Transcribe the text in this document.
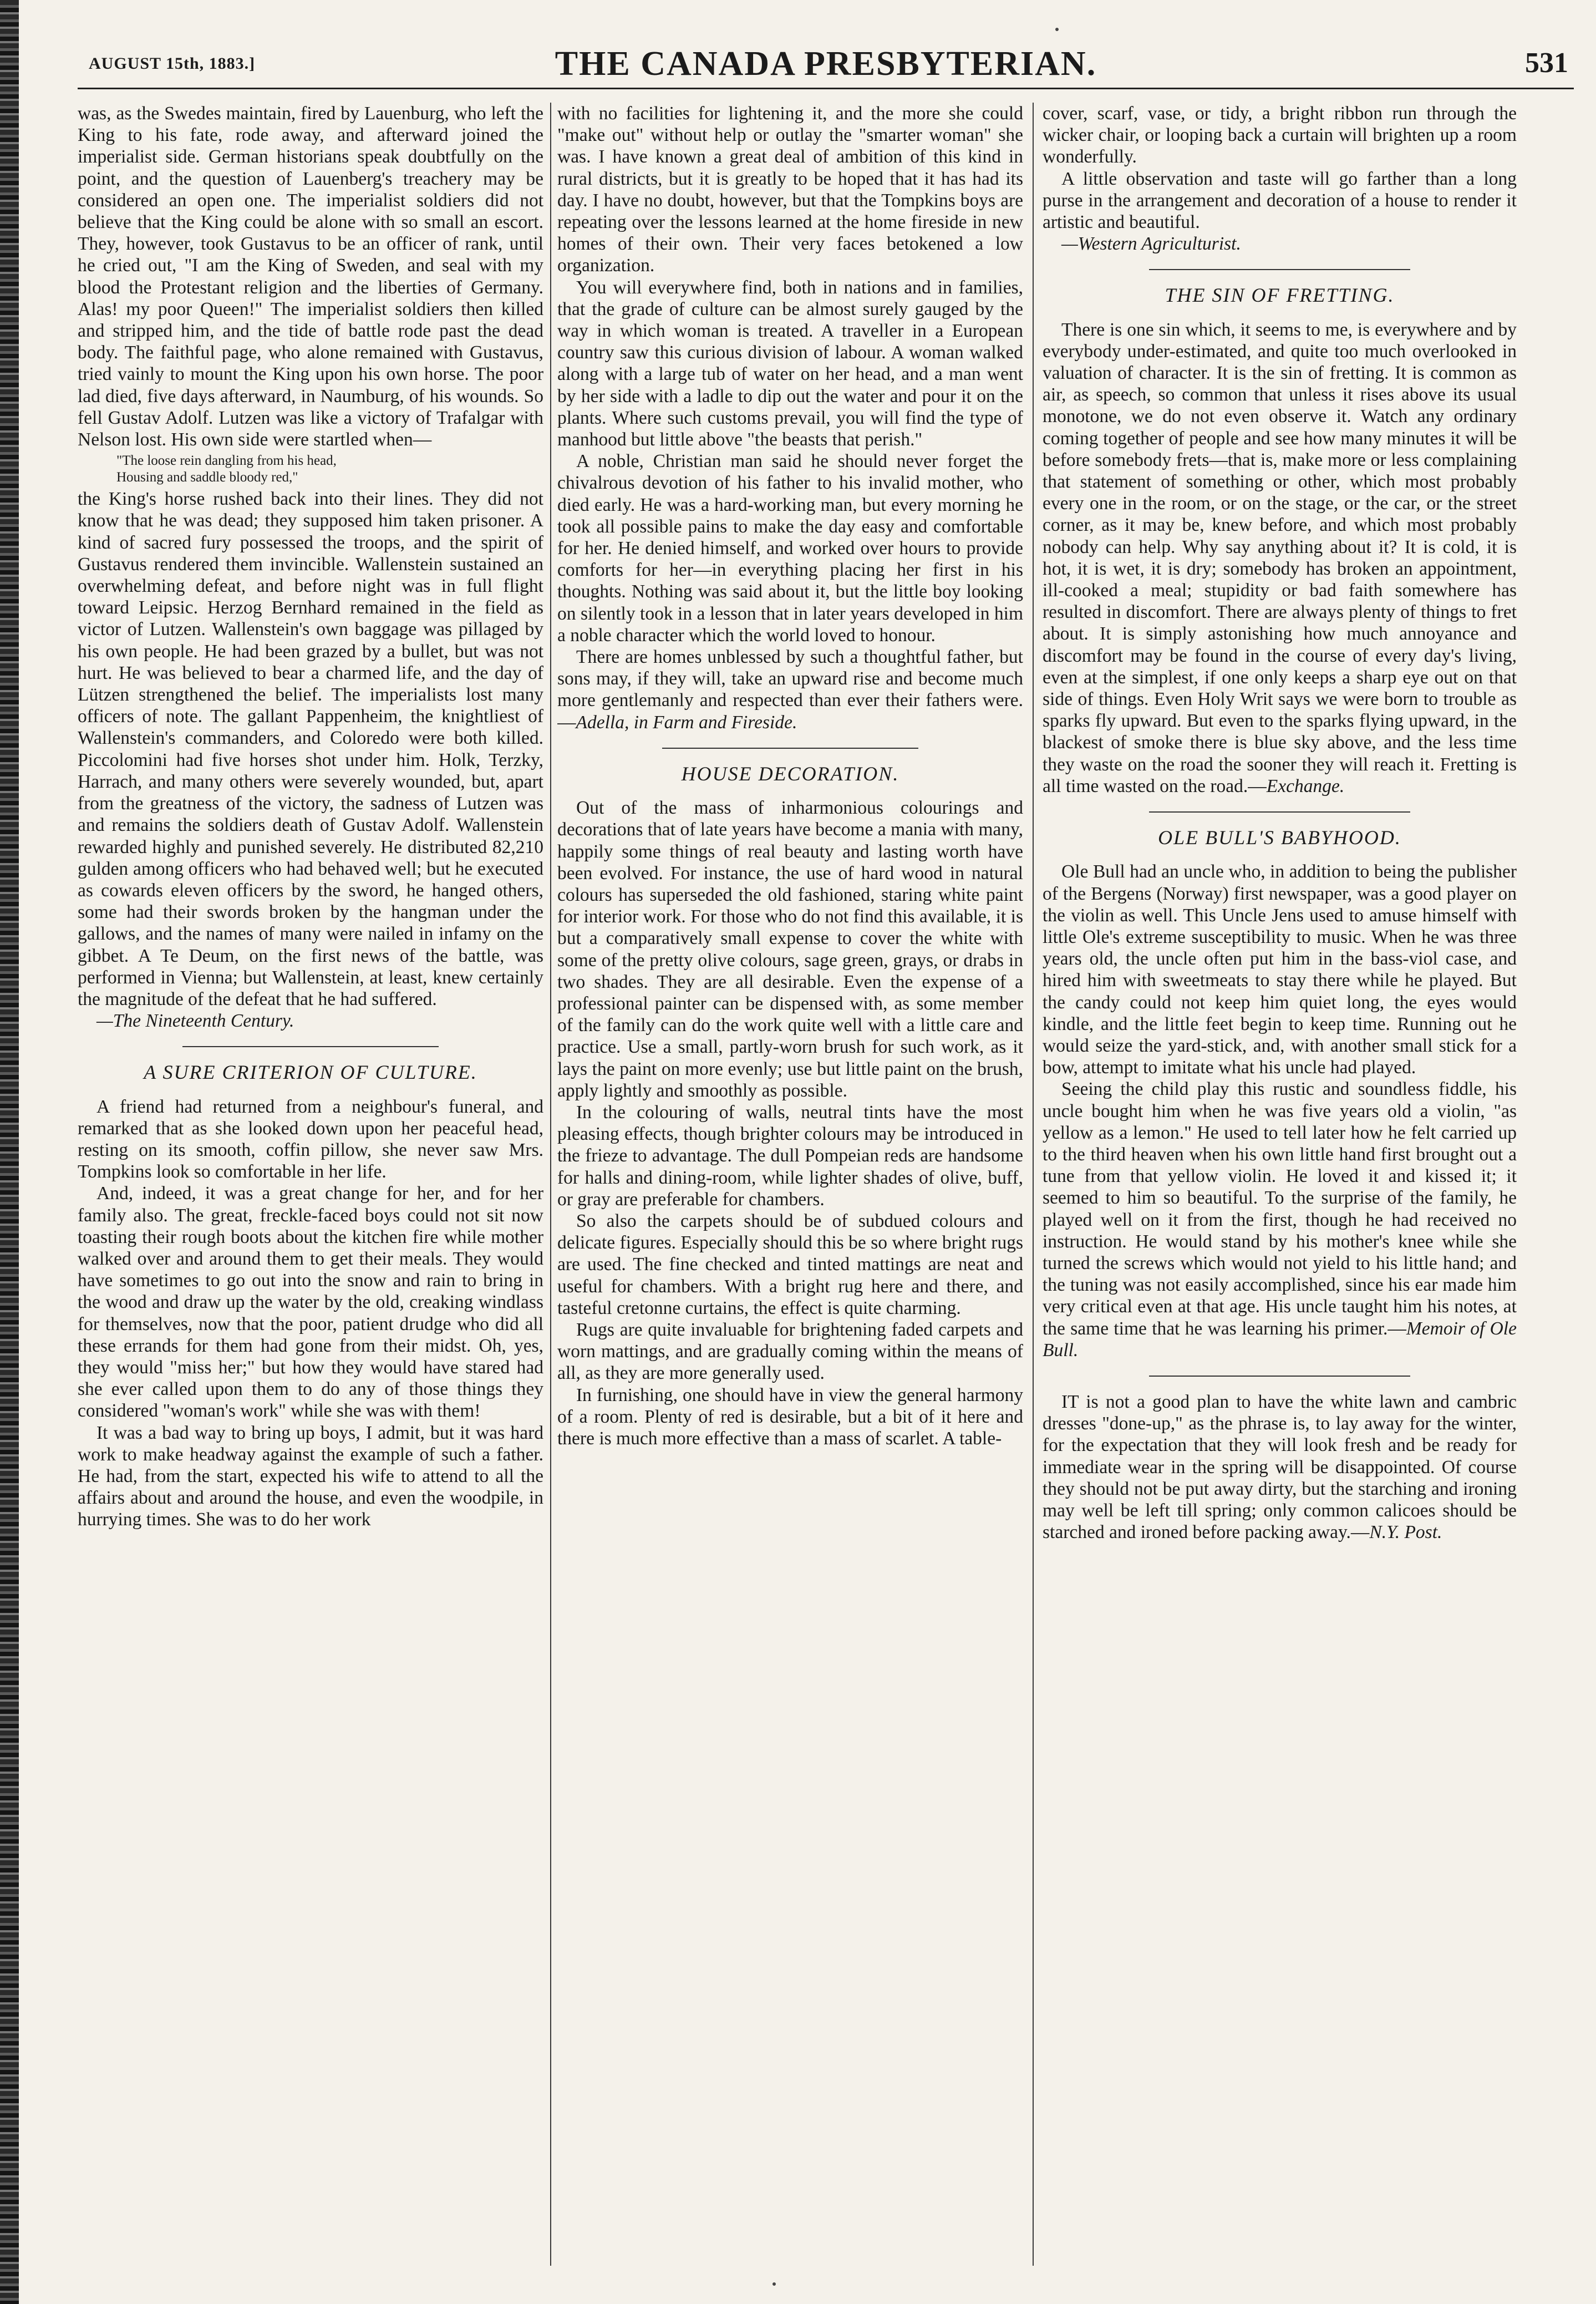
AUGUST 15th, 1883.]	THE CANADA PRESBYTERIAN.	531

was, as the Swedes maintain, fired by Lauenburg, who left the King to his fate, rode away, and afterward joined the imperialist side. German historians speak doubtfully on the point, and the question of Lauenberg's treachery may be considered an open one. The imperialist soldiers did not believe that the King could be alone with so small an escort. They, however, took Gustavus to be an officer of rank, until he cried out, "I am the King of Sweden, and seal with my blood the Protestant religion and the liberties of Germany. Alas! my poor Queen!" The imperialist soldiers then killed and stripped him, and the tide of battle rode past the dead body. The faithful page, who alone remained with Gustavus, tried vainly to mount the King upon his own horse. The poor lad died, five days afterward, in Naumburg, of his wounds. So fell Gustav Adolf. Lutzen was like a victory of Trafalgar with Nelson lost. His own side were startled when—

"The loose rein dangling from his head,
Housing and saddle bloody red,"

the King's horse rushed back into their lines. They did not know that he was dead; they supposed him taken prisoner. A kind of sacred fury possessed the troops, and the spirit of Gustavus rendered them invincible. Wallenstein sustained an overwhelming defeat, and before night was in full flight toward Leipsic. Herzog Bernhard remained in the field as victor of Lutzen. Wallenstein's own baggage was pillaged by his own people. He had been grazed by a bullet, but was not hurt. He was believed to bear a charmed life, and the day of Lützen strengthened the belief. The imperialists lost many officers of note. The gallant Pappenheim, the knightliest of Wallenstein's commanders, and Coloredo were both killed. Piccolomini had five horses shot under him. Holk, Terzky, Harrach, and many others were severely wounded, but, apart from the greatness of the victory, the sadness of Lutzen was and remains the soldiers death of Gustav Adolf. Wallenstein rewarded highly and punished severely. He distributed 82,210 gulden among officers who had behaved well; but he executed as cowards eleven officers by the sword, he hanged others, some had their swords broken by the hangman under the gallows, and the names of many were nailed in infamy on the gibbet. A Te Deum, on the first news of the battle, was performed in Vienna; but Wallenstein, at least, knew certainly the magnitude of the defeat that he had suffered.

—The Nineteenth Century.

A SURE CRITERION OF CULTURE.

A friend had returned from a neighbour's funeral, and remarked that as she looked down upon her peaceful head, resting on its smooth, coffin pillow, she never saw Mrs. Tompkins look so comfortable in her life.

And, indeed, it was a great change for her, and for her family also. The great, freckle-faced boys could not sit now toasting their rough boots about the kitchen fire while mother walked over and around them to get their meals. They would have sometimes to go out into the snow and rain to bring in the wood and draw up the water by the old, creaking windlass for themselves, now that the poor, patient drudge who did all these errands for them had gone from their midst. Oh, yes, they would "miss her;" but how they would have stared had she ever called upon them to do any of those things they considered "woman's work" while she was with them!

It was a bad way to bring up boys, I admit, but it was hard work to make headway against the example of such a father. He had, from the start, expected his wife to attend to all the affairs about and around the house, and even the woodpile, in hurrying times. She was to do her work

with no facilities for lightening it, and the more she could "make out" without help or outlay the "smarter woman" she was. I have known a great deal of ambition of this kind in rural districts, but it is greatly to be hoped that it has had its day. I have no doubt, however, but that the Tompkins boys are repeating over the lessons learned at the home fireside in new homes of their own. Their very faces betokened a low organization.

You will everywhere find, both in nations and in families, that the grade of culture can be almost surely gauged by the way in which woman is treated. A traveller in a European country saw this curious division of labour. A woman walked along with a large tub of water on her head, and a man went by her side with a ladle to dip out the water and pour it on the plants. Where such customs prevail, you will find the type of manhood but little above "the beasts that perish."

A noble, Christian man said he should never forget the chivalrous devotion of his father to his invalid mother, who died early. He was a hard-working man, but every morning he took all possible pains to make the day easy and comfortable for her. He denied himself, and worked over hours to provide comforts for her—in everything placing her first in his thoughts. Nothing was said about it, but the little boy looking on silently took in a lesson that in later years developed in him a noble character which the world loved to honour.

There are homes unblessed by such a thoughtful father, but sons may, if they will, take an upward rise and become much more gentlemanly and respected than ever their fathers were.—Adella, in Farm and Fireside.

HOUSE DECORATION.

Out of the mass of inharmonious colourings and decorations that of late years have become a mania with many, happily some things of real beauty and lasting worth have been evolved. For instance, the use of hard wood in natural colours has superseded the old fashioned, staring white paint for interior work. For those who do not find this available, it is but a comparatively small expense to cover the white with some of the pretty olive colours, sage green, grays, or drabs in two shades. They are all desirable. Even the expense of a professional painter can be dispensed with, as some member of the family can do the work quite well with a little care and practice. Use a small, partly-worn brush for such work, as it lays the paint on more evenly; use but little paint on the brush, apply lightly and smoothly as possible.

In the colouring of walls, neutral tints have the most pleasing effects, though brighter colours may be introduced in the frieze to advantage. The dull Pompeian reds are handsome for halls and dining-room, while lighter shades of olive, buff, or gray are preferable for chambers.

So also the carpets should be of subdued colours and delicate figures. Especially should this be so where bright rugs are used. The fine checked and tinted mattings are neat and useful for chambers. With a bright rug here and there, and tasteful cretonne curtains, the effect is quite charming.

Rugs are quite invaluable for brightening faded carpets and worn mattings, and are gradually coming within the means of all, as they are more generally used.

In furnishing, one should have in view the general harmony of a room. Plenty of red is desirable, but a bit of it here and there is much more effective than a mass of scarlet. A table-

cover, scarf, vase, or tidy, a bright ribbon run through the wicker chair, or looping back a curtain will brighten up a room wonderfully.

A little observation and taste will go farther than a long purse in the arrangement and decoration of a house to render it artistic and beautiful.

—Western Agriculturist.

THE SIN OF FRETTING.

There is one sin which, it seems to me, is everywhere and by everybody under-estimated, and quite too much overlooked in valuation of character. It is the sin of fretting. It is common as air, as speech, so common that unless it rises above its usual monotone, we do not even observe it. Watch any ordinary coming together of people and see how many minutes it will be before somebody frets—that is, make more or less complaining that statement of something or other, which most probably every one in the room, or on the stage, or the car, or the street corner, as it may be, knew before, and which most probably nobody can help. Why say anything about it? It is cold, it is hot, it is wet, it is dry; somebody has broken an appointment, ill-cooked a meal; stupidity or bad faith somewhere has resulted in discomfort. There are always plenty of things to fret about. It is simply astonishing how much annoyance and discomfort may be found in the course of every day's living, even at the simplest, if one only keeps a sharp eye out on that side of things. Even Holy Writ says we were born to trouble as sparks fly upward. But even to the sparks flying upward, in the blackest of smoke there is blue sky above, and the less time they waste on the road the sooner they will reach it. Fretting is all time wasted on the road.—Exchange.

OLE BULL'S BABYHOOD.

Ole Bull had an uncle who, in addition to being the publisher of the Bergens (Norway) first newspaper, was a good player on the violin as well. This Uncle Jens used to amuse himself with little Ole's extreme susceptibility to music. When he was three years old, the uncle often put him in the bass-viol case, and hired him with sweetmeats to stay there while he played. But the candy could not keep him quiet long, the eyes would kindle, and the little feet begin to keep time. Running out he would seize the yard-stick, and, with another small stick for a bow, attempt to imitate what his uncle had played.

Seeing the child play this rustic and soundless fiddle, his uncle bought him when he was five years old a violin, "as yellow as a lemon." He used to tell later how he felt carried up to the third heaven when his own little hand first brought out a tune from that yellow violin. He loved it and kissed it; it seemed to him so beautiful. To the surprise of the family, he played well on it from the first, though he had received no instruction. He would stand by his mother's knee while she turned the screws which would not yield to his little hand; and the tuning was not easily accomplished, since his ear made him very critical even at that age. His uncle taught him his notes, at the same time that he was learning his primer.—Memoir of Ole Bull.

IT is not a good plan to have the white lawn and cambric dresses "done-up," as the phrase is, to lay away for the winter, for the expectation that they will look fresh and be ready for immediate wear in the spring will be disappointed. Of course they should not be put away dirty, but the starching and ironing may well be left till spring; only common calicoes should be starched and ironed before packing away.—N.Y. Post.
